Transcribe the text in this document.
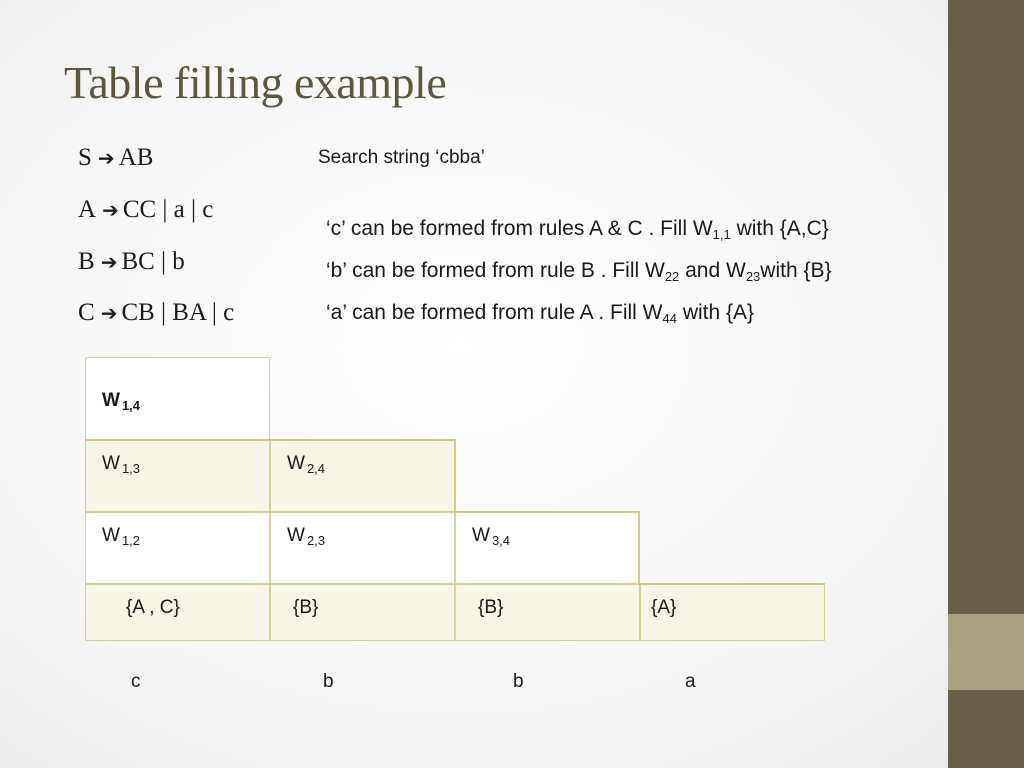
Table filling example
S ➔ AB
A ➔ CC | a | c
B ➔ BC | b
C ➔ CB | BA | c
Search string ‘cbba’
‘c’ can be formed from rules A & C . Fill $W_{1,1}$ with {A,C}
‘b’ can be formed from rule B . Fill $W_{22}$ and $W_{23}with$ {B}
‘a’ can be formed from rule A . Fill $W_{44}$ with {A}
W $_{1,4}$
W $_{1,3}$	W $_{2,4}$
W $_{1,2}$	W $_{2,3}$	W $_{3,4}$
{A , C}	{B}	{B}	{A}
c	b	b	a
